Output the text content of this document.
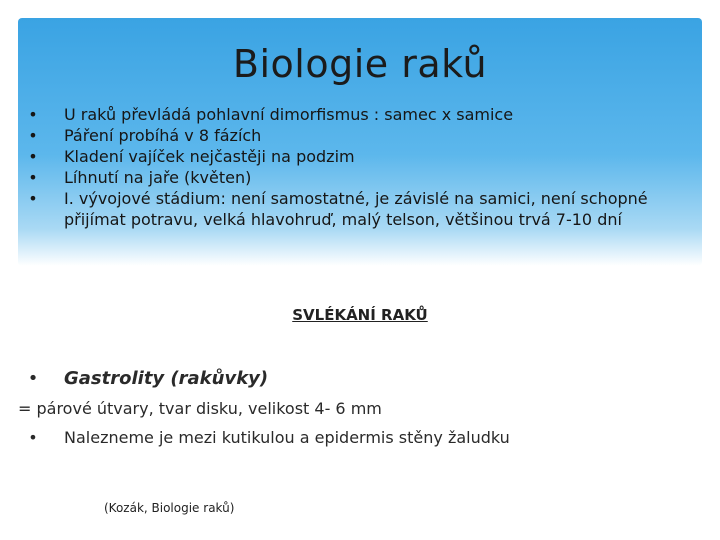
Biologie raků
• U raků převládá pohlavní dimorfismus : samec x samice
• Páření probíhá v 8 fázích
• Kladení vajíček nejčastěji na podzim
• Líhnutí na jaře (květen)
• I. vývojové stádium: není samostatné, je závislé na samici, není schopné přijímat potravu, velká hlavohruď, malý telson, většinou trvá 7-10 dní
SVLÉKÁNÍ RAKŮ
• Gastrolity (rakůvky)
= párové útvary, tvar disku, velikost 4- 6 mm
• Nalezneme je mezi kutikulou a epidermis stěny žaludku
(Kozák, Biologie raků)
